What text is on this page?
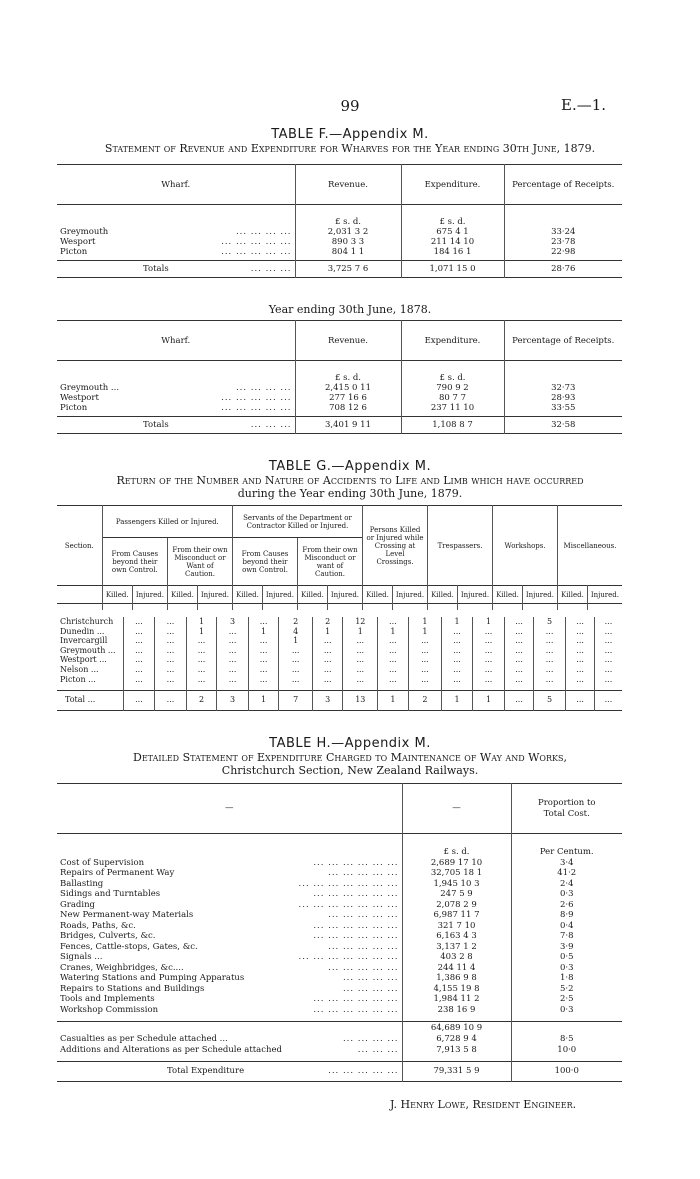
99	E.—1.
TABLE F.—Appendix M.
Statement of Revenue and Expenditure for Wharves for the Year ending 30th June, 1879.
Wharf.	Revenue.	Expenditure.	Percentage of Receipts.
	£ s. d.	£ s. d.	
Greymouth ... ... ... ...	2,031 3 2	675 4 1	33·24
Wesport ... ... ... ... ...	890 3 3	211 14 10	23·78
Picton ... ... ... ... ...	804 1 1	184 16 1	22·98
Totals ... ... ...	3,725 7 6	1,071 15 0	28·76
Year ending 30th June, 1878.
Wharf.	Revenue.	Expenditure.	Percentage of Receipts.
	£ s. d.	£ s. d.	
Greymouth ... ... ... ... ...	2,415 0 11	790 9 2	32·73
Westport ... ... ... ... ...	277 16 6	80 7 7	28·93
Picton ... ... ... ... ...	708 12 6	237 11 10	33·55
Totals ... ... ...	3,401 9 11	1,108 8 7	32·58
TABLE G.—Appendix M.
Return of the Number and Nature of Accidents to Life and Limb which have occurred
during the Year ending 30th June, 1879.
Section.	Passengers Killed or Injured.				Servants of the Department or Contractor Killed or Injured.				Persons Killed or Injured while Crossing at Level Crossings.		Trespassers.		Workshops.		Miscellaneous.	
	From Causes beyond their own Control.		From their own Misconduct or Want of Caution.		From Causes beyond their own Control.		From their own Misconduct or want of Caution.									
	Killed.	Injured.	Killed.	Injured.	Killed.	Injured.	Killed.	Injured.	Killed.	Injured.	Killed.	Injured.	Killed.	Injured.	Killed.	Injured.

Christchurch	...	...	1	3	...	2	2	12	...	1	1	1	...	5	...	...
Dunedin ...	...	...	1	...	1	4	1	1	1	1	...	...	...	...	...	...
Invercargill	...	...	...	...	...	1	...	...	...	...	...	...	...	...	...	...
Greymouth ...	...	...	...	...	...	...	...	...	...	...	...	...	...	...	...	...
Westport ...	...	...	...	...	...	...	...	...	...	...	...	...	...	...	...	...
Nelson ...	...	...	...	...	...	...	...	...	...	...	...	...	...	...	...	...
Picton ...	...	...	...	...	...	...	...	...	...	...	...	...	...	...	...	...

Total ...	...	...	2	3	1	7	3	13	1	2	1	1	...	5	...	...
TABLE H.—Appendix M.
Detailed Statement of Expenditure Charged to Maintenance of Way and Works,
Christchurch Section, New Zealand Railways.
—	—	Proportion to Total Cost.
	£ s. d.	Per Centum.
Cost of Supervision ... ... ... ... ... ...	2,689 17 10	3·4
Repairs of Permanent Way ... ... ... ... ...	32,705 18 1	41·2
Ballasting ... ... ... ... ... ... ...	1,945 10 3	2·4
Sidings and Turntables ... ... ... ... ... ...	247 5 9	0·3
Grading ... ... ... ... ... ... ...	2,078 2 9	2·6
New Permanent-way Materials ... ... ... ... ...	6,987 11 7	8·9
Roads, Paths, &c. ... ... ... ... ... ...	321 7 10	0·4
Bridges, Culverts, &c. ... ... ... ... ... ...	6,163 4 3	7·8
Fences, Cattle-stops, Gates, &c. ... ... ... ... ...	3,137 1 2	3·9
Signals ... ... ... ... ... ... ... ...	403 2 8	0·5
Cranes, Weighbridges, &c.... ... ... ... ... ...	244 11 4	0·3
Watering Stations and Pumping Apparatus ... ... ... ...	1,386 9 8	1·8
Repairs to Stations and Buildings ... ... ... ...	4,155 19 8	5·2
Tools and Implements ... ... ... ... ... ...	1,984 11 2	2·5
Workshop Commission ... ... ... ... ... ...	238 16 9	0·3

	64,689 10 9	
Casualties as per Schedule attached ... ... ... ... ...	6,728 9 4	8·5
Additions and Alterations as per Schedule attached ... ... ...	7,913 5 8	10·0

Total Expenditure ... ... ... ... ...	79,331 5 9	100·0
J. Henry Lowe, Resident Engineer.
